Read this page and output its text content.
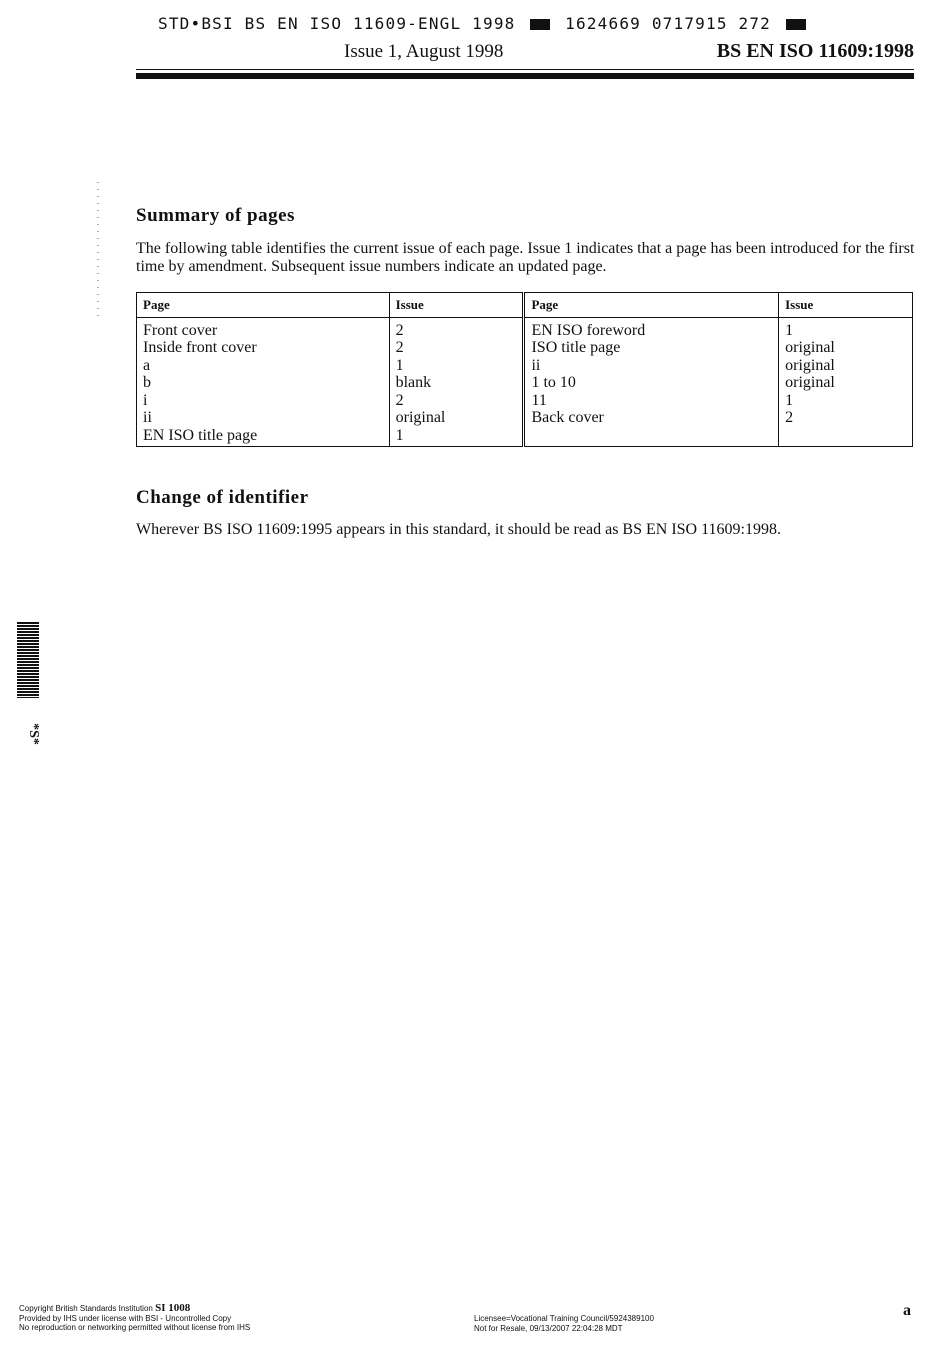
STD•BSI BS EN ISO 11609-ENGL 1998	1624669 0717915 272
Issue 1, August 1998	BS EN ISO 11609:1998
Summary of pages

The following table identifies the current issue of each page. Issue 1 indicates that a page has been introduced for the first time by amendment. Subsequent issue numbers indicate an updated page.

Page	Issue	Page	Issue
Front cover	2	EN ISO foreword	1
Inside front cover	2	ISO title page	original
a	1	ii	original
b	blank	1 to 10	original
i	2	11	1
ii	original	Back cover	2
EN ISO title page	1		
Change of identifier

Wherever BS ISO 11609:1995 appears in this standard, it should be read as BS EN ISO 11609:1998.

*S*
Copyright British Standards Institution SI 1008
Provided by IHS under license with BSI - Uncontrolled Copy
No reproduction or networking permitted without license from IHS
Licensee=Vocational Training Council/5924389100
Not for Resale, 09/13/2007 22:04:28 MDT
a
